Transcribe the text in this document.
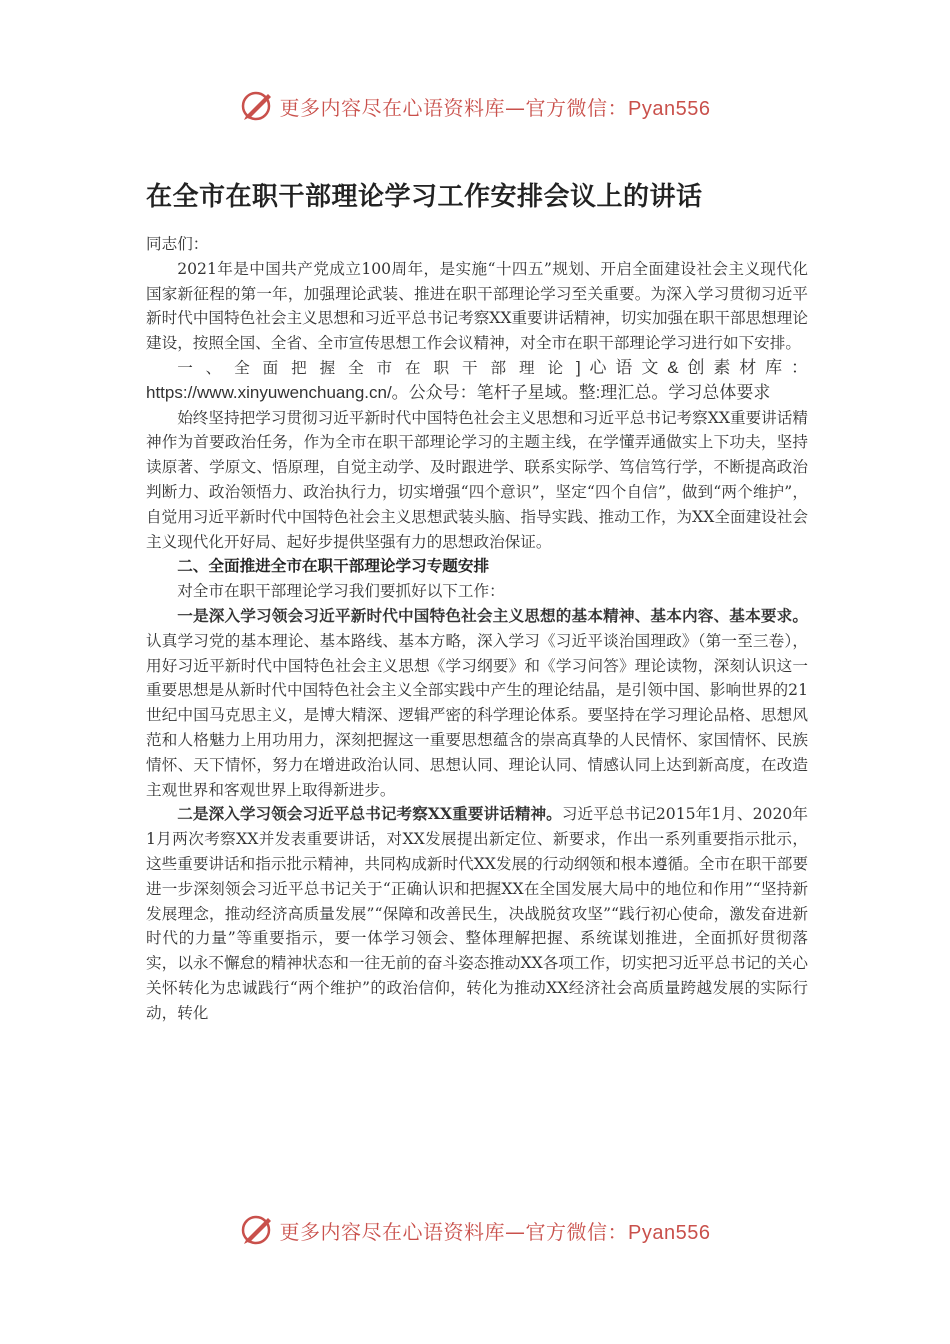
更多内容尽在心语资料库—官方微信：Pyan556
在全市在职干部理论学习工作安排会议上的讲话

同志们：

2021年是中国共产党成立100周年，是实施“十四五”规划、开启全面建设社会主义现代化国家新征程的第一年，加强理论武装、推进在职干部理论学习至关重要。为深入学习贯彻习近平新时代中国特色社会主义思想和习近平总书记考察XX重要讲话精神，切实加强在职干部思想理论建设，按照全国、全省、全市宣传思想工作会议精神，对全市在职干部理论学习进行如下安排。

一、全面把握全市在职干部理论]心语文&创素材库：https://www.xinyuwenchuang.cn/。公众号：笔杆子星域。整:理汇总。学习总体要求

始终坚持把学习贯彻习近平新时代中国特色社会主义思想和习近平总书记考察XX重要讲话精神作为首要政治任务，作为全市在职干部理论学习的主题主线，在学懂弄通做实上下功夫，坚持读原著、学原文、悟原理，自觉主动学、及时跟进学、联系实际学、笃信笃行学，不断提高政治判断力、政治领悟力、政治执行力，切实增强“四个意识”，坚定“四个自信”，做到“两个维护”，自觉用习近平新时代中国特色社会主义思想武装头脑、指导实践、推动工作，为XX全面建设社会主义现代化开好局、起好步提供坚强有力的思想政治保证。

二、全面推进全市在职干部理论学习专题安排

对全市在职干部理论学习我们要抓好以下工作：

一是深入学习领会习近平新时代中国特色社会主义思想的基本精神、基本内容、基本要求。认真学习党的基本理论、基本路线、基本方略，深入学习《习近平谈治国理政》（第一至三卷），用好习近平新时代中国特色社会主义思想《学习纲要》和《学习问答》理论读物，深刻认识这一重要思想是从新时代中国特色社会主义全部实践中产生的理论结晶，是引领中国、影响世界的21世纪中国马克思主义，是博大精深、逻辑严密的科学理论体系。要坚持在学习理论品格、思想风范和人格魅力上用功用力，深刻把握这一重要思想蕴含的崇高真挚的人民情怀、家国情怀、民族情怀、天下情怀，努力在增进政治认同、思想认同、理论认同、情感认同上达到新高度，在改造主观世界和客观世界上取得新进步。

二是深入学习领会习近平总书记考察XX重要讲话精神。习近平总书记2015年1月、2020年1月两次考察XX并发表重要讲话，对XX发展提出新定位、新要求，作出一系列重要指示批示，这些重要讲话和指示批示精神，共同构成新时代XX发展的行动纲领和根本遵循。全市在职干部要进一步深刻领会习近平总书记关于“正确认识和把握XX在全国发展大局中的地位和作用”“坚持新发展理念，推动经济高质量发展”“保障和改善民生，决战脱贫攻坚”“践行初心使命，激发奋进新时代的力量”等重要指示，要一体学习领会、整体理解把握、系统谋划推进，全面抓好贯彻落实，以永不懈怠的精神状态和一往无前的奋斗姿态推动XX各项工作，切实把习近平总书记的关心关怀转化为忠诚践行“两个维护”的政治信仰，转化为推动XX经济社会高质量跨越发展的实际行动，转化

更多内容尽在心语资料库—官方微信：Pyan556
